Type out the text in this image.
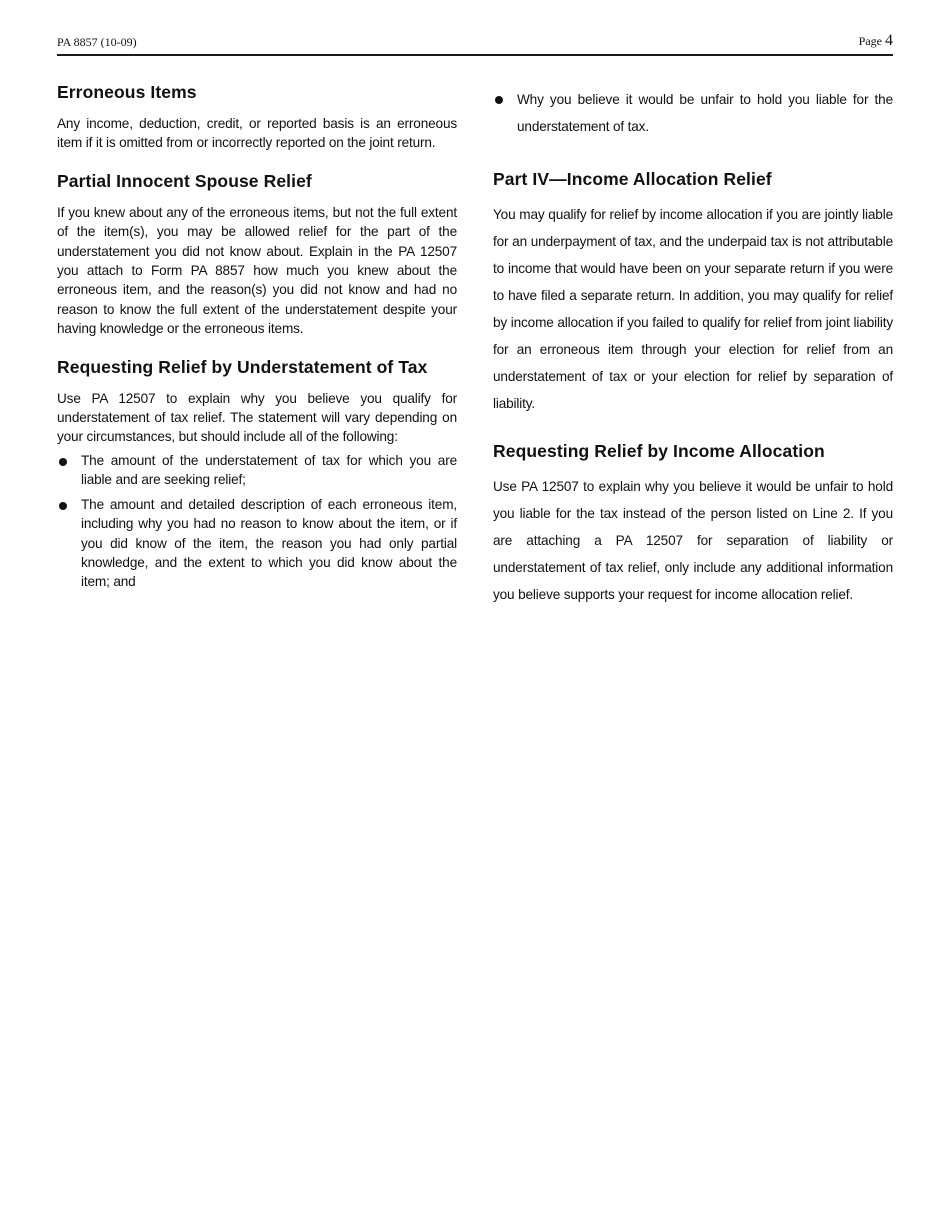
PA 8857 (10-09)	Page 4
Erroneous Items

Any income, deduction, credit, or reported basis is an erroneous item if it is omitted from or incorrectly reported on the joint return.

Partial Innocent Spouse Relief

If you knew about any of the erroneous items, but not the full extent of the item(s), you may be allowed relief for the part of the understatement you did not know about. Explain in the PA 12507 you attach to Form PA 8857 how much you knew about the erroneous item, and the reason(s) you did not know and had no reason to know the full extent of the understatement despite your having knowledge or the erroneous items.

Requesting Relief by Understatement of Tax

Use PA 12507 to explain why you believe you qualify for understatement of tax relief. The statement will vary depending on your circumstances, but should include all of the following:

The amount of the understatement of tax for which you are liable and are seeking relief;
The amount and detailed description of each erroneous item, including why you had no reason to know about the item, or if you did know of the item, the reason you had only partial knowledge, and the extent to which you did know about the item; and
Why you believe it would be unfair to hold you liable for the understatement of tax.
Part IV—Income Allocation Relief

You may qualify for relief by income allocation if you are jointly liable for an underpayment of tax, and the underpaid tax is not attributable to income that would have been on your separate return if you were to have filed a separate return. In addition, you may qualify for relief by income allocation if you failed to qualify for relief from joint liability for an erroneous item through your election for relief from an understatement of tax or your election for relief by separation of liability.

Requesting Relief by Income Allocation

Use PA 12507 to explain why you believe it would be unfair to hold you liable for the tax instead of the person listed on Line 2. If you are attaching a PA 12507 for separation of liability or understatement of tax relief, only include any additional information you believe supports your request for income allocation relief.
